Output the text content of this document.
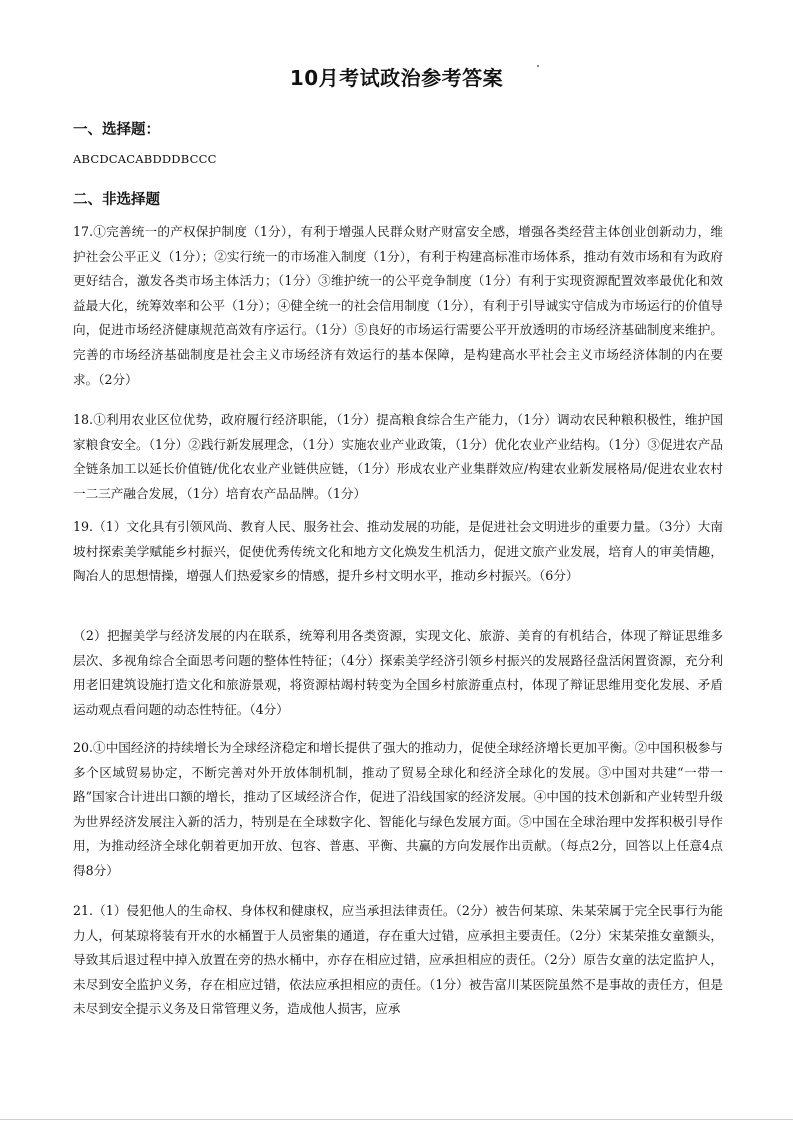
10月考试政治参考答案
一、选择题：
ABCDCACABDDDBCCC
二、非选择题
17.①完善统一的产权保护制度（1分），有利于增强人民群众财产财富安全感，增强各类经营主体创业创新动力，维护社会公平正义（1分）；②实行统一的市场准入制度（1分），有利于构建高标准市场体系，推动有效市场和有为政府更好结合，激发各类市场主体活力；（1分）③维护统一的公平竞争制度（1分）有利于实现资源配置效率最优化和效益最大化，统筹效率和公平（1分）；④健全统一的社会信用制度（1分），有利于引导诚实守信成为市场运行的价值导向，促进市场经济健康规范高效有序运行。（1分）⑤良好的市场运行需要公平开放透明的市场经济基础制度来维护。完善的市场经济基础制度是社会主义市场经济有效运行的基本保障，是构建高水平社会主义市场经济体制的内在要求。（2分）
18.①利用农业区位优势，政府履行经济职能，（1分）提高粮食综合生产能力，（1分）调动农民种粮积极性，维护国家粮食安全。（1分）②践行新发展理念，（1分）实施农业产业政策，（1分）优化农业产业结构。（1分）③促进农产品全链条加工以延长价值链/优化农业产业链供应链，（1分）形成农业产业集群效应/构建农业新发展格局/促进农业农村一二三产融合发展，（1分）培育农产品品牌。（1分）
19.（1）文化具有引领风尚、教育人民、服务社会、推动发展的功能，是促进社会文明进步的重要力量。（3分）大南坡村探索美学赋能乡村振兴，促使优秀传统文化和地方文化焕发生机活力，促进文旅产业发展，培育人的审美情趣，陶冶人的思想情操，增强人们热爱家乡的情感，提升乡村文明水平，推动乡村振兴。（6分）
（2）把握美学与经济发展的内在联系，统筹利用各类资源，实现文化、旅游、美育的有机结合，体现了辩证思维多层次、多视角综合全面思考问题的整体性特征；（4分）探索美学经济引领乡村振兴的发展路径盘活闲置资源，充分利用老旧建筑设施打造文化和旅游景观，将资源枯竭村转变为全国乡村旅游重点村，体现了辩证思维用变化发展、矛盾运动观点看问题的动态性特征。（4分）
20.①中国经济的持续增长为全球经济稳定和增长提供了强大的推动力，促使全球经济增长更加平衡。②中国积极参与多个区域贸易协定，不断完善对外开放体制机制，推动了贸易全球化和经济全球化的发展。③中国对共建“一带一路”国家合计进出口额的增长，推动了区域经济合作，促进了沿线国家的经济发展。④中国的技术创新和产业转型升级为世界经济发展注入新的活力，特别是在全球数字化、智能化与绿色发展方面。⑤中国在全球治理中发挥积极引导作用，为推动经济全球化朝着更加开放、包容、普惠、平衡、共赢的方向发展作出贡献。（每点2分，回答以上任意4点得8分）
21.（1）侵犯他人的生命权、身体权和健康权，应当承担法律责任。（2分）被告何某琼、朱某荣属于完全民事行为能力人，何某琼将装有开水的水桶置于人员密集的通道，存在重大过错，应承担主要责任。（2分）宋某荣推女童额头，导致其后退过程中掉入放置在旁的热水桶中，亦存在相应过错，应承担相应的责任。（2分）原告女童的法定监护人，未尽到安全监护义务，存在相应过错，依法应承担相应的责任。（1分）被告富川某医院虽然不是事故的责任方，但是未尽到安全提示义务及日常管理义务，造成他人损害，应承
